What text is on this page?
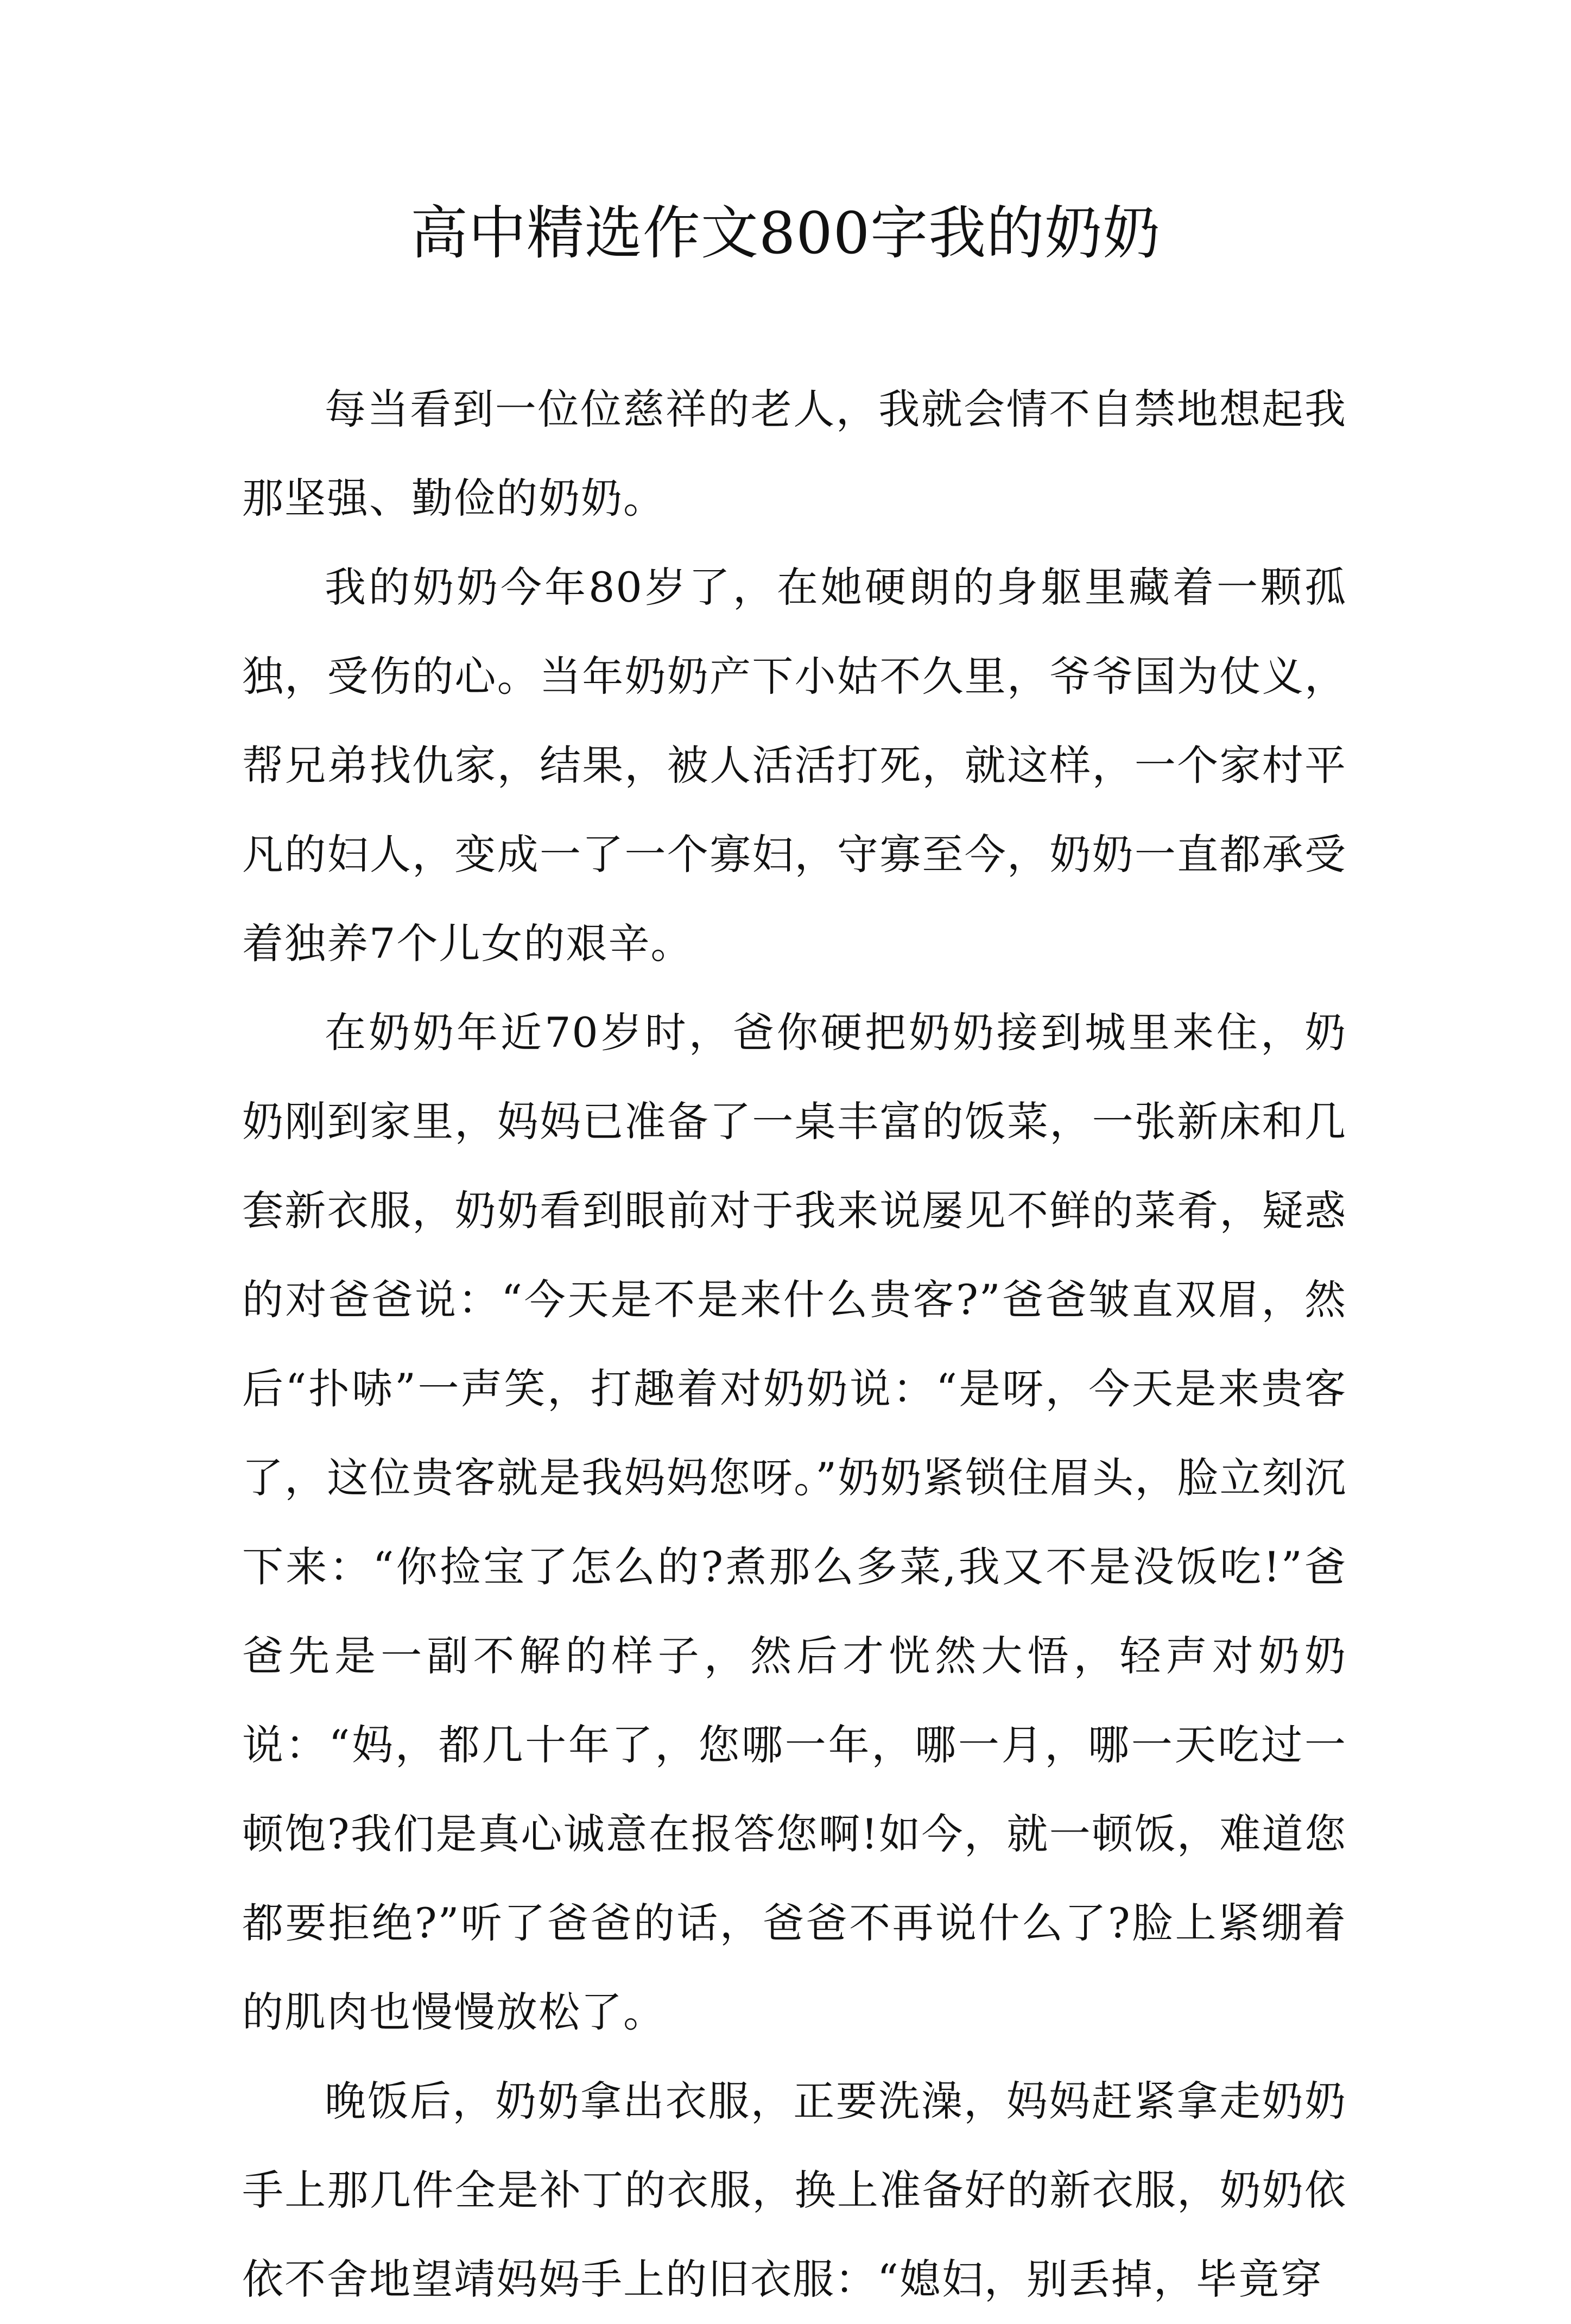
高中精选作文800字我的奶奶

每当看到一位位慈祥的老人，我就会情不自禁地想起我那坚强、勤俭的奶奶。

我的奶奶今年80岁了，在她硬朗的身躯里藏着一颗孤独，受伤的心。当年奶奶产下小姑不久里，爷爷国为仗义，帮兄弟找仇家，结果，被人活活打死，就这样，一个家村平凡的妇人，变成一了一个寡妇，守寡至今，奶奶一直都承受着独养7个儿女的艰辛。

在奶奶年近70岁时，爸你硬把奶奶接到城里来住，奶奶刚到家里，妈妈已准备了一桌丰富的饭菜，一张新床和几套新衣服，奶奶看到眼前对于我来说屡见不鲜的菜肴，疑惑的对爸爸说：“今天是不是来什么贵客?”爸爸皱直双眉，然后“扑哧”一声笑，打趣着对奶奶说：“是呀，今天是来贵客了，这位贵客就是我妈妈您呀。”奶奶紧锁住眉头，脸立刻沉下来：“你捡宝了怎么的?煮那么多菜,我又不是没饭吃!”爸爸先是一副不解的样子，然后才恍然大悟，轻声对奶奶说：“妈，都几十年了，您哪一年，哪一月，哪一天吃过一顿饱?我们是真心诚意在报答您啊!如今，就一顿饭，难道您都要拒绝?”听了爸爸的话，爸爸不再说什么了?脸上紧绷着的肌肉也慢慢放松了。

晚饭后，奶奶拿出衣服，正要洗澡，妈妈赶紧拿走奶奶手上那几件全是补丁的衣服，换上准备好的新衣服，奶奶依依不舍地望靖妈妈手上的旧衣服：“媳妇，别丢掉，毕竟穿
